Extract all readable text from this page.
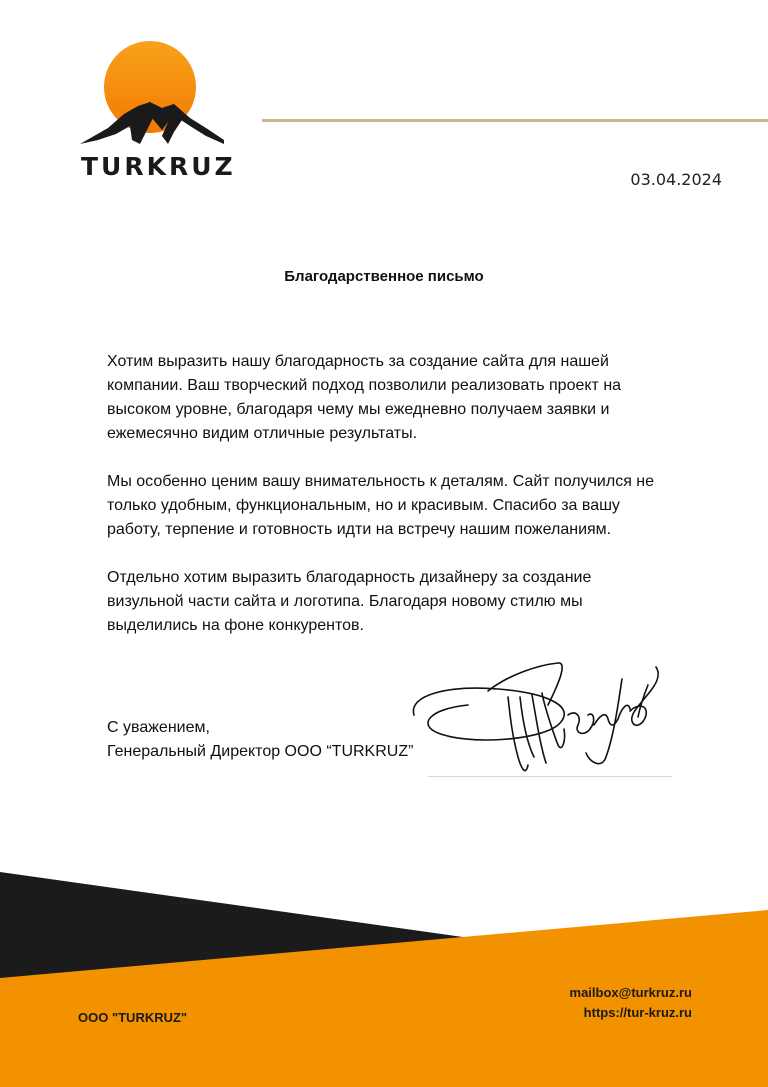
TURKRUZ	03.04.2024
Благодарственное письмо

Хотим выразить нашу благодарность за создание сайта для нашей компании. Ваш творческий подход позволили реализовать проект на высоком уровне, благодаря чему мы ежедневно получаем заявки и ежемесячно видим отличные результаты.

Мы особенно ценим вашу внимательность к деталям. Сайт получился не только удобным, функциональным, но и красивым. Спасибо за вашу работу, терпение и готовность идти на встречу нашим пожеланиям.

Отдельно хотим выразить благодарность дизайнеру за создание визульной части сайта и логотипа. Благодаря новому стилю мы выделились на фоне конкурентов.

С уважением,
Генеральный Директор ООО “TURKRUZ”
ООО "TURKRUZ"
mailbox@turkruz.ru
https://tur-kruz.ru
